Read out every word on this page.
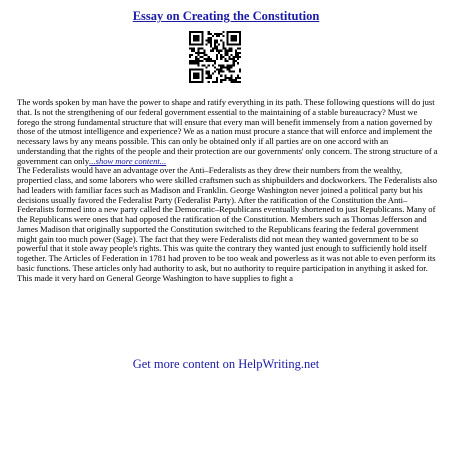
Essay on Creating the Constitution
The words spoken by man have the power to shape and ratify everything in its path. These following questions will do just that. Is not the strengthening of our federal government essential to the maintaining of a stable bureaucracy? Must we forego the strong fundamental structure that will ensure that every man will benefit immensely from a nation governed by those of the utmost intelligence and experience? We as a nation must procure a stance that will enforce and implement the necessary laws by any means possible. This can only be obtained only if all parties are on one accord with an understanding that the rights of the people and their protection are our governments' only concern. The strong structure of a government can only...show more content...
The Federalists would have an advantage over the Anti–Federalists as they drew their numbers from the wealthy, propertied class, and some laborers who were skilled craftsmen such as shipbuilders and dockworkers. The Federalists also had leaders with familiar faces such as Madison and Franklin. George Washington never joined a political party but his decisions usually favored the Federalist Party (Federalist Party). After the ratification of the Constitution the Anti–Federalists formed into a new party called the Democratic–Republicans eventually shortened to just Republicans. Many of the Republicans were ones that had opposed the ratification of the Constitution. Members such as Thomas Jefferson and James Madison that originally supported the Constitution switched to the Republicans fearing the federal government might gain too much power (Sage). The fact that they were Federalists did not mean they wanted government to be so powerful that it stole away people's rights. This was quite the contrary they wanted just enough to sufficiently hold itself together. The Articles of Federation in 1781 had proven to be too weak and powerless as it was not able to even perform its basic functions. These articles only had authority to ask, but no authority to require participation in anything it asked for. This made it very hard on General George Washington to have supplies to fight a
Get more content on HelpWriting.net
